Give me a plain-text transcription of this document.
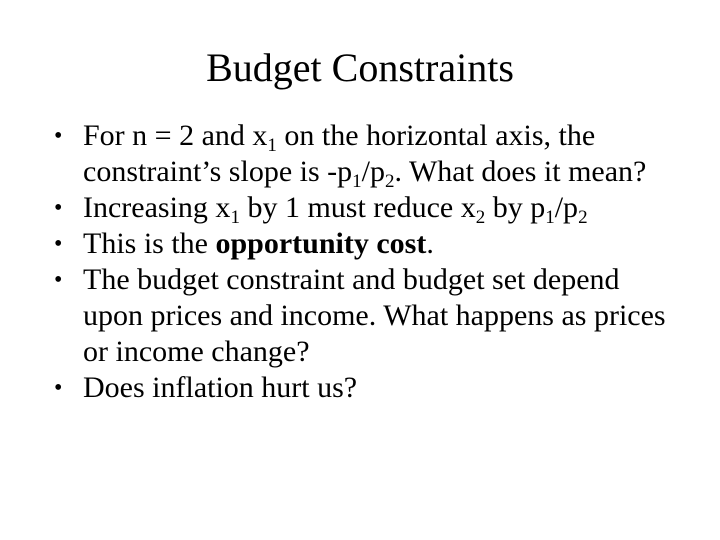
Budget Constraints
• For n = 2 and $x_1$ on the horizontal axis, the constraint’s slope is $-p_1/p_2$. What does it mean?
• Increasing $x_1$ by 1 must reduce $x_2$ by $p_1/p_2$
• This is the opportunity cost.
• The budget constraint and budget set depend upon prices and income. What happens as prices or income change?
• Does inflation hurt us?
